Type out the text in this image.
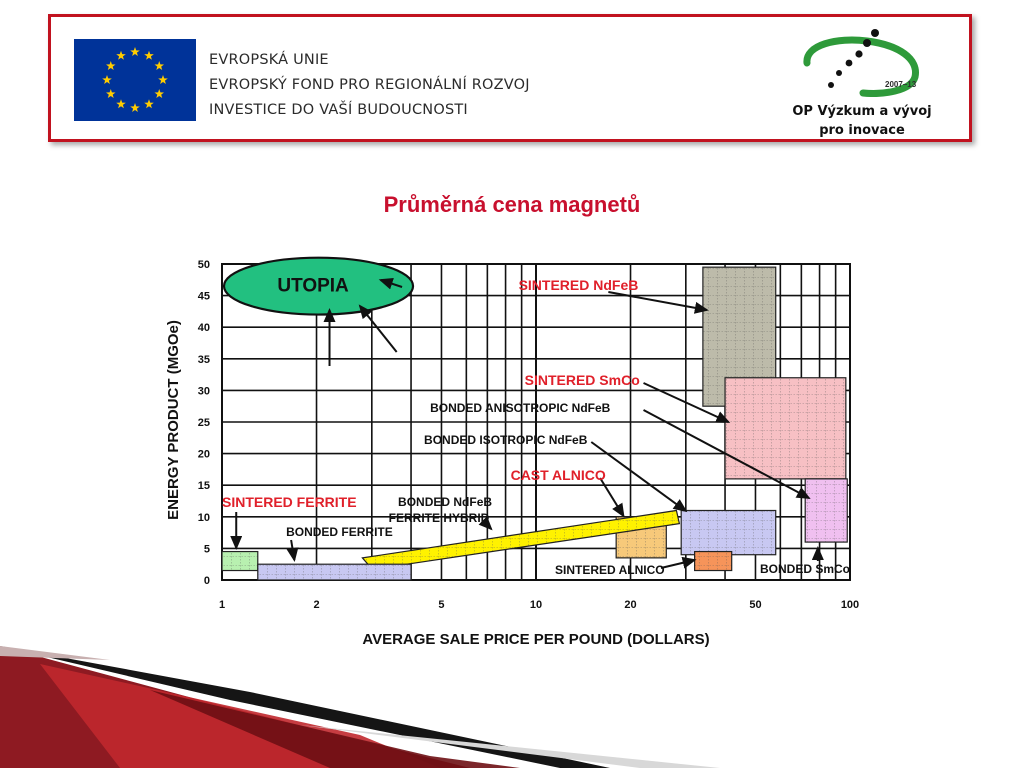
EVROPSKÁ UNIE
EVROPSKÝ FOND PRO REGIONÁLNÍ ROZVOJ
INVESTICE DO VAŠÍ BUDOUCNOSTI
2007–13
OP Výzkum a vývoj
pro inovace
Průměrná cena magnetů
SINTERED NdFeB
SINTERED SmCo
BONDED ANISOTROPIC NdFeB
BONDED SmCo
BONDED ISOTROPIC NdFeB
CAST ALNICO
SINTERED ALNICO
BONDED NdFeB
FERRITE HYBRID
SINTERED FERRITE
BONDED FERRITE
UTOPIA
0
5
10
15
20
25
30
35
40
45
50
1	2	5	10	20	50	100
ENERGY PRODUCT (MGOe)
AVERAGE SALE PRICE PER POUND (DOLLARS)
